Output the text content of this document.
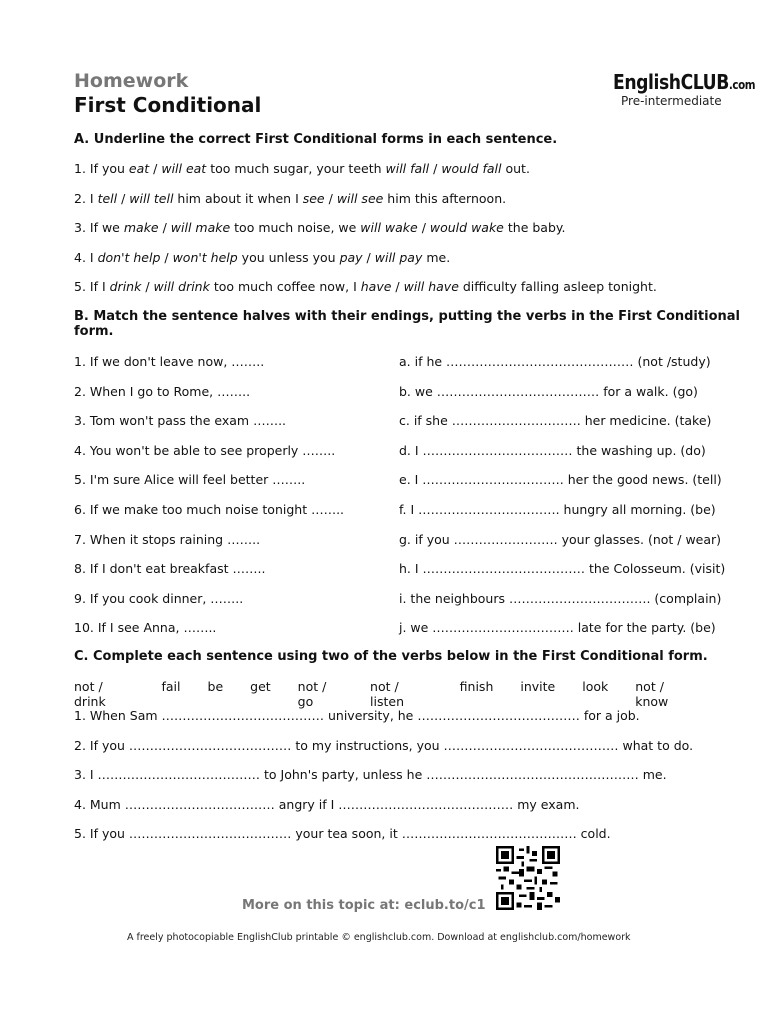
Homework
First Conditional
EnglishCLUB.com
Pre-intermediate
A. Underline the correct First Conditional forms in each sentence.
1. If you eat / will eat too much sugar, your teeth will fall / would fall out.
2. I tell / will tell him about it when I see / will see him this afternoon.
3. If we make / will make too much noise, we will wake / would wake the baby.
4. I don't help / won't help you unless you pay / will pay me.
5. If I drink / will drink too much coffee now, I have / will have difficulty falling asleep tonight.
B. Match the sentence halves with their endings, putting the verbs in the First Conditional
form.
1. If we don't leave now, ……..
2. When I go to Rome, ……..
3. Tom won't pass the exam ……..
4. You won't be able to see properly ……..
5. I'm sure Alice will feel better ……..
6. If we make too much noise tonight ……..
7. When it stops raining ……..
8. If I don't eat breakfast ……..
9. If you cook dinner, ……..
10. If I see Anna, ……..
a. if he ……………………………………… (not /study)
b. we ………………………………… for a walk. (go)
c. if she …………………………. her medicine. (take)
d. I ……………………………… the washing up. (do)
e. I ……………………………. her the good news. (tell)
f. I ……………………………. hungry all morning. (be)
g. if you ……………………. your glasses. (not / wear)
h. I ………………………………… the Colosseum. (visit)
i. the neighbours ……………………………. (complain)
j. we ……………………………. late for the party. (be)
C. Complete each sentence using two of the verbs below in the First Conditional form.
not / drink
fail be get not / go
not / listen
finish invite look not / know
1. When Sam ………………………………… university, he ………………………………… for a job.
2. If you ………………………………… to my instructions, you …………………………………… what to do.
3. I ………………………………… to John's party, unless he …………………………………………… me.
4. Mum ……………………………… angry if I …………………………………… my exam.
5. If you ………………………………… your tea soon, it …………………………………… cold.
More on this topic at: eclub.to/c1
A freely photocopiable EnglishClub printable © englishclub.com. Download at englishclub.com/homework
